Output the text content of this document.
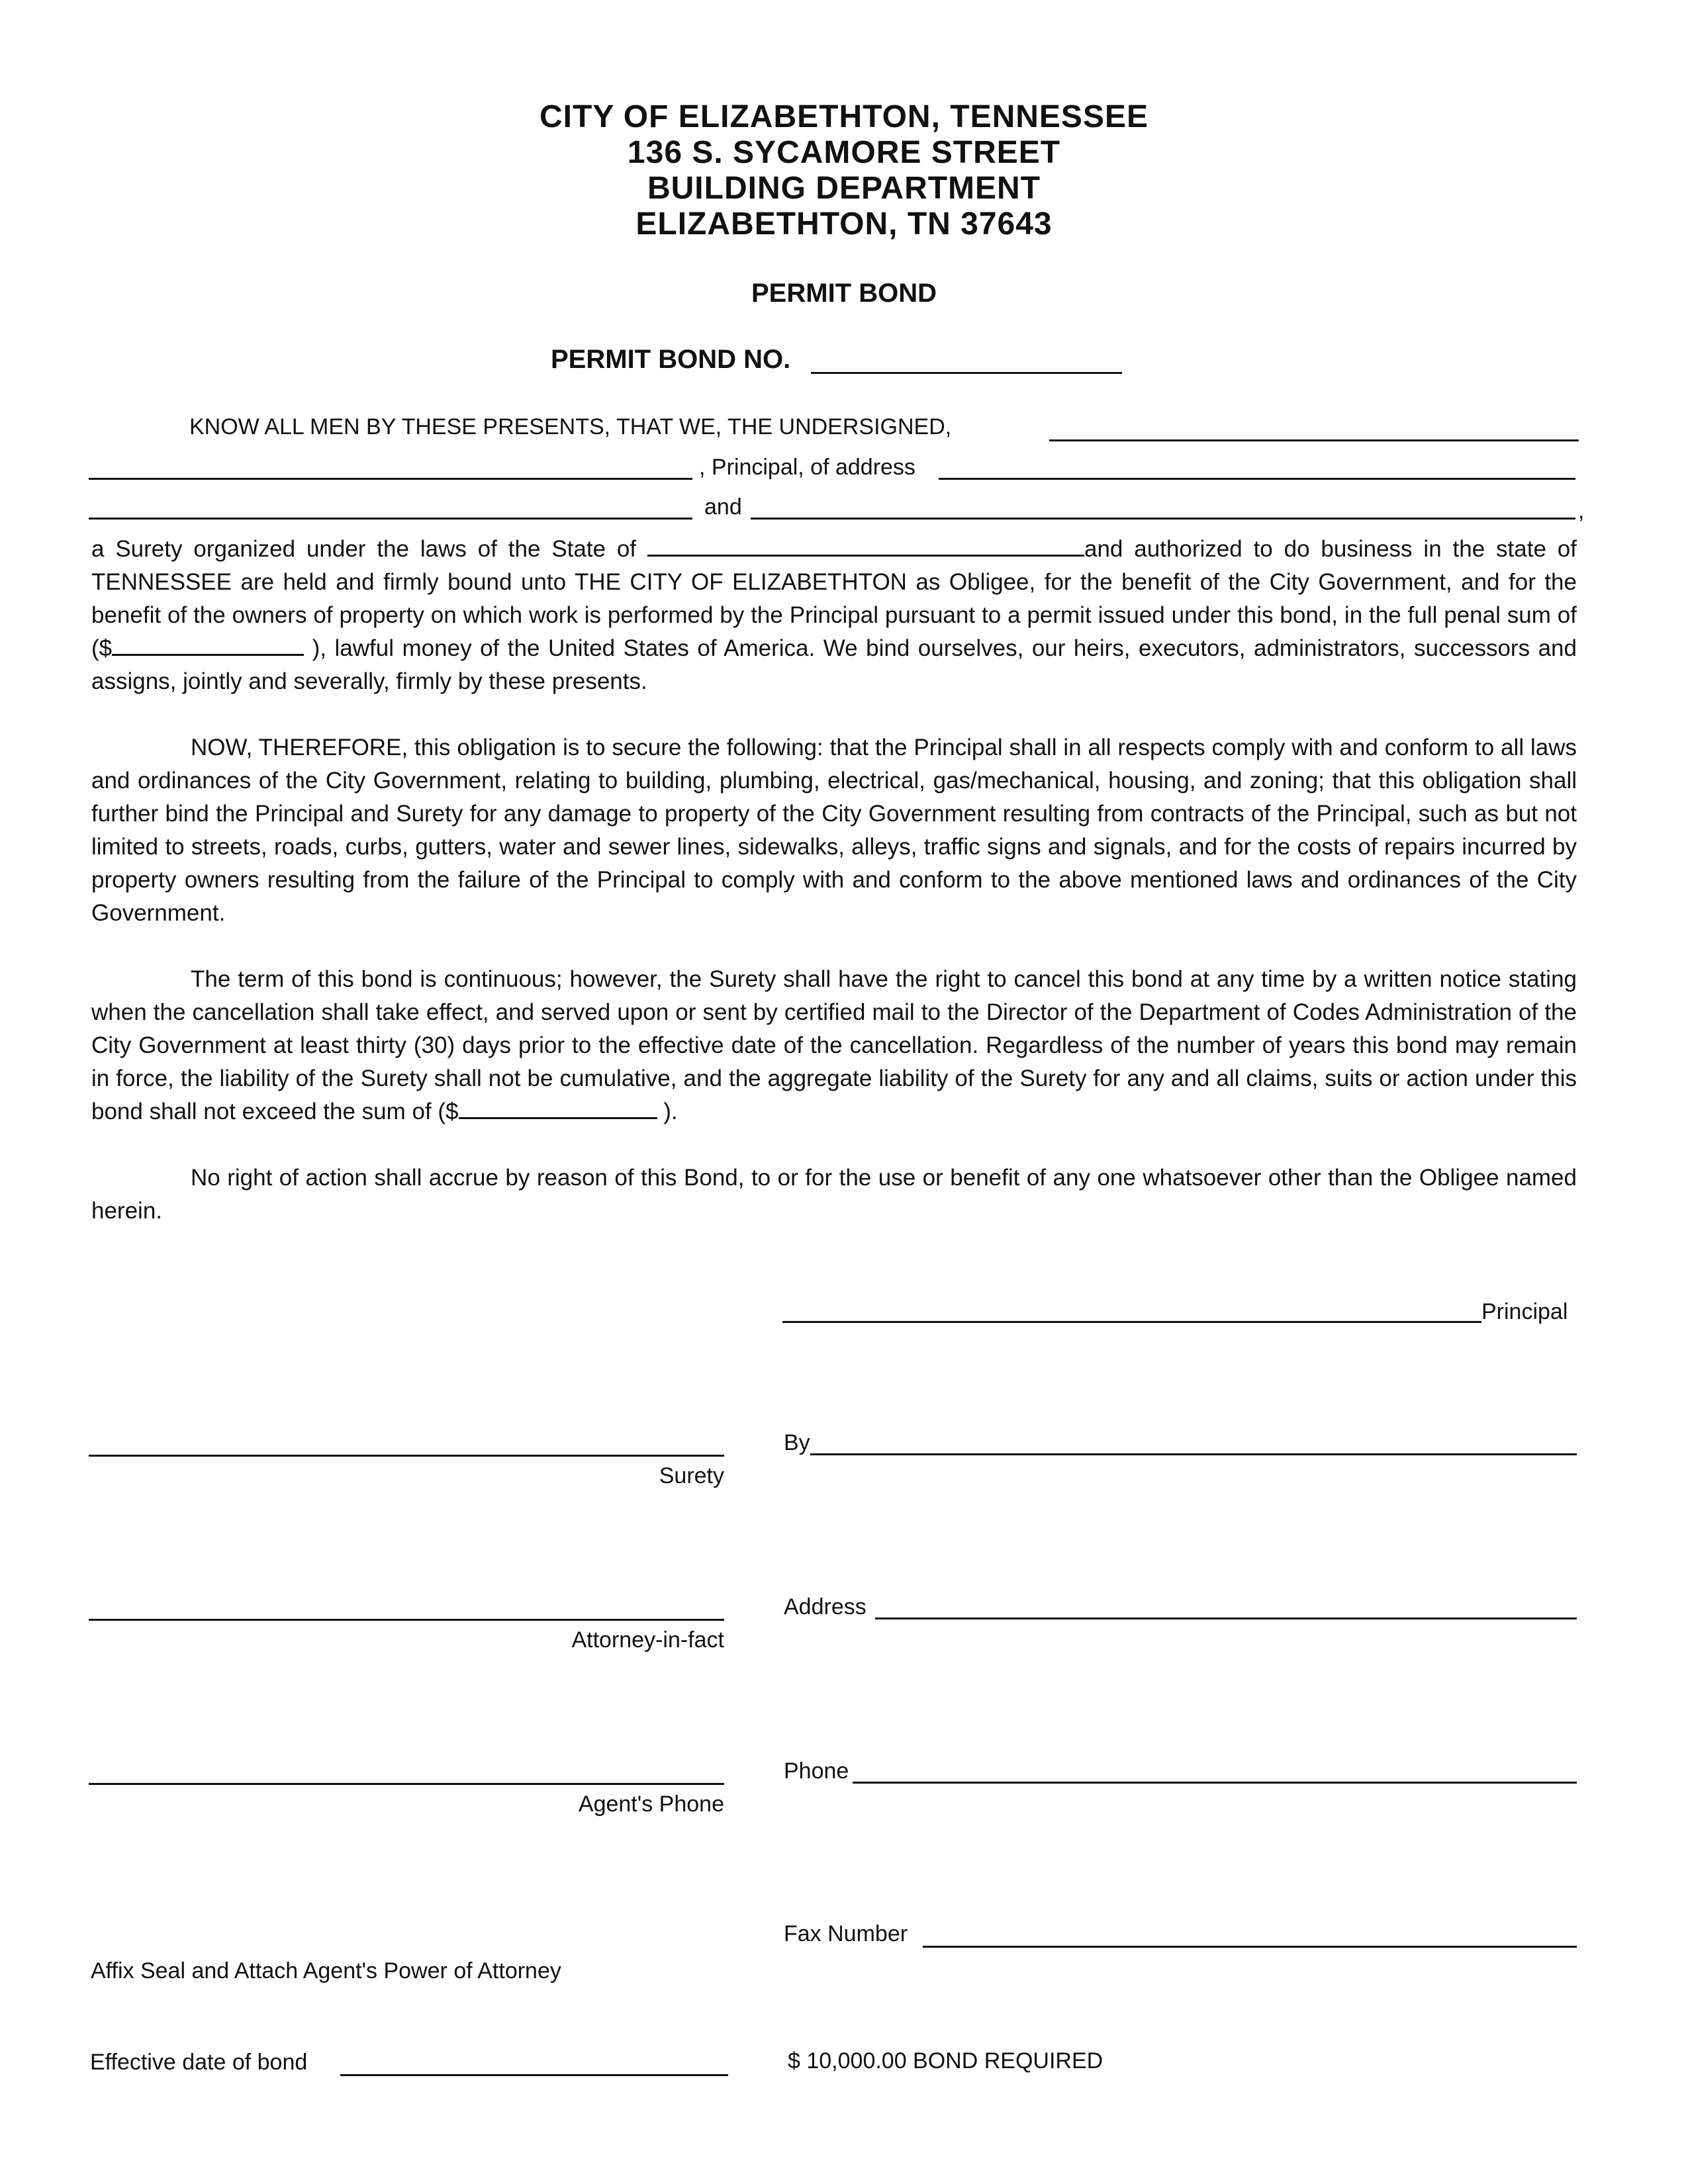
CITY OF ELIZABETHTON, TENNESSEE
136 S. SYCAMORE STREET
BUILDING DEPARTMENT
ELIZABETHTON, TN 37643
PERMIT BOND
PERMIT BOND NO.
KNOW ALL MEN BY THESE PRESENTS, THAT WE, THE UNDERSIGNED,
, Principal, of address
and	,
a Surety organized under the laws of the State of	and authorized to do business in the state of TENNESSEE are held and firmly bound unto THE CITY OF ELIZABETHTON as Obligee, for the benefit of the City Government, and for the benefit of the owners of property on which work is performed by the Principal pursuant to a permit issued under this bond, in the full penal sum of ($	), lawful money of the United States of America. We bind ourselves, our heirs, executors, administrators, successors and assigns, jointly and severally, firmly by these presents.
NOW, THEREFORE, this obligation is to secure the following: that the Principal shall in all respects comply with and conform to all laws and ordinances of the City Government, relating to building, plumbing, electrical, gas/mechanical, housing, and zoning; that this obligation shall further bind the Principal and Surety for any damage to property of the City Government resulting from contracts of the Principal, such as but not limited to streets, roads, curbs, gutters, water and sewer lines, sidewalks, alleys, traffic signs and signals, and for the costs of repairs incurred by property owners resulting from the failure of the Principal to comply with and conform to the above mentioned laws and ordinances of the City Government.
The term of this bond is continuous; however, the Surety shall have the right to cancel this bond at any time by a written notice stating when the cancellation shall take effect, and served upon or sent by certified mail to the Director of the Department of Codes Administration of the City Government at least thirty (30) days prior to the effective date of the cancellation. Regardless of the number of years this bond may remain in force, the liability of the Surety shall not be cumulative, and the aggregate liability of the Surety for any and all claims, suits or action under this bond shall not exceed the sum of ($	).
No right of action shall accrue by reason of this Bond, to or for the use or benefit of any one whatsoever other than the Obligee named herein.
Principal
By
Address
Phone
Fax Number
$ 10,000.00 BOND REQUIRED
Surety
Attorney-in-fact
Agent's Phone
Affix Seal and Attach Agent's Power of Attorney
Effective date of bond
